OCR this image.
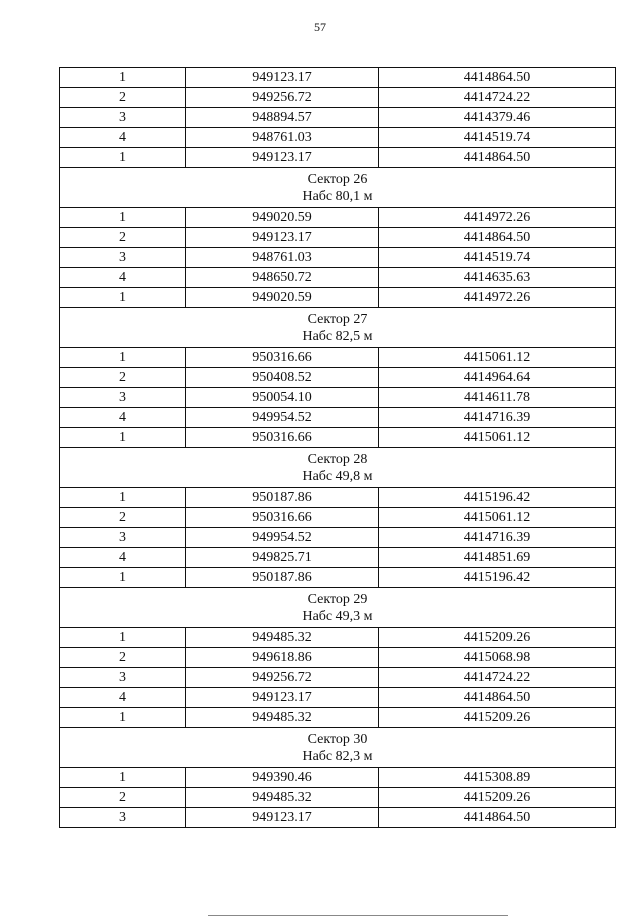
57
1	949123.17	4414864.50
2	949256.72	4414724.22
3	948894.57	4414379.46
4	948761.03	4414519.74
1	949123.17	4414864.50

Сектор 26
Набс 80,1 м		

1	949020.59	4414972.26
2	949123.17	4414864.50
3	948761.03	4414519.74
4	948650.72	4414635.63
1	949020.59	4414972.26

Сектор 27
Набс 82,5 м		

1	950316.66	4415061.12
2	950408.52	4414964.64
3	950054.10	4414611.78
4	949954.52	4414716.39
1	950316.66	4415061.12

Сектор 28
Набс 49,8 м		

1	950187.86	4415196.42
2	950316.66	4415061.12
3	949954.52	4414716.39
4	949825.71	4414851.69
1	950187.86	4415196.42

Сектор 29
Набс 49,3 м		

1	949485.32	4415209.26
2	949618.86	4415068.98
3	949256.72	4414724.22
4	949123.17	4414864.50
1	949485.32	4415209.26

Сектор 30
Набс 82,3 м		

1	949390.46	4415308.89
2	949485.32	4415209.26
3	949123.17	4414864.50
